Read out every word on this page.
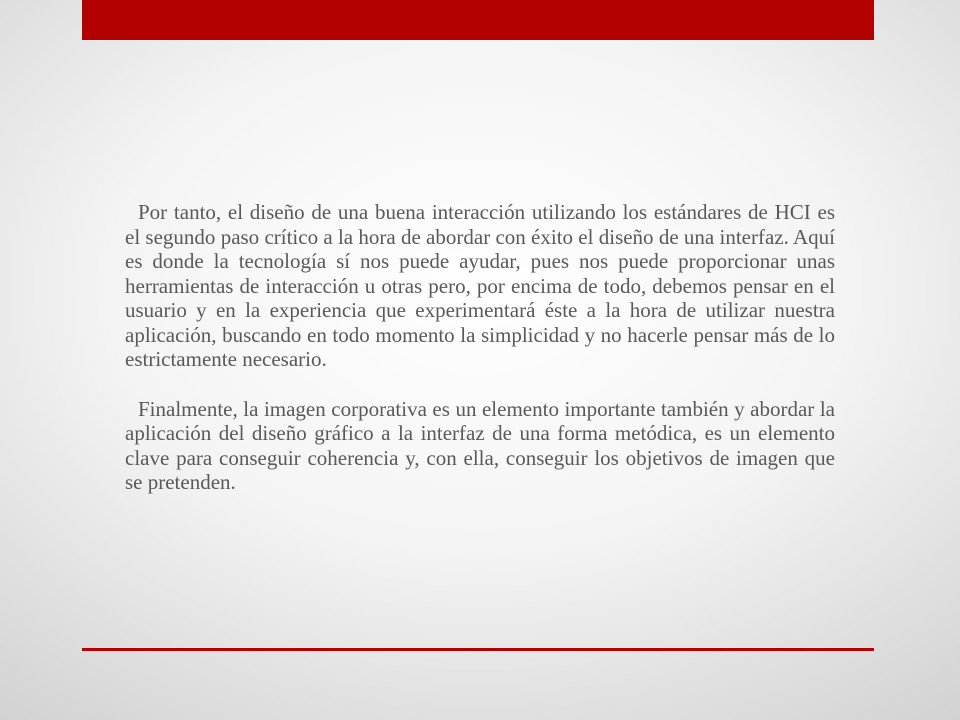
Por tanto, el diseño de una buena interacción utilizando los estándares de HCI es el segundo paso crítico a la hora de abordar con éxito el diseño de una interfaz. Aquí es donde la tecnología sí nos puede ayudar, pues nos puede proporcionar unas herramientas de interacción u otras pero, por encima de todo, debemos pensar en el usuario y en la experiencia que experimentará éste a la hora de utilizar nuestra aplicación, buscando en todo momento la simplicidad y no hacerle pensar más de lo estrictamente necesario.

Finalmente, la imagen corporativa es un elemento importante también y abordar la aplicación del diseño gráfico a la interfaz de una forma metódica, es un elemento clave para conseguir coherencia y, con ella, conseguir los objetivos de imagen que se pretenden.
